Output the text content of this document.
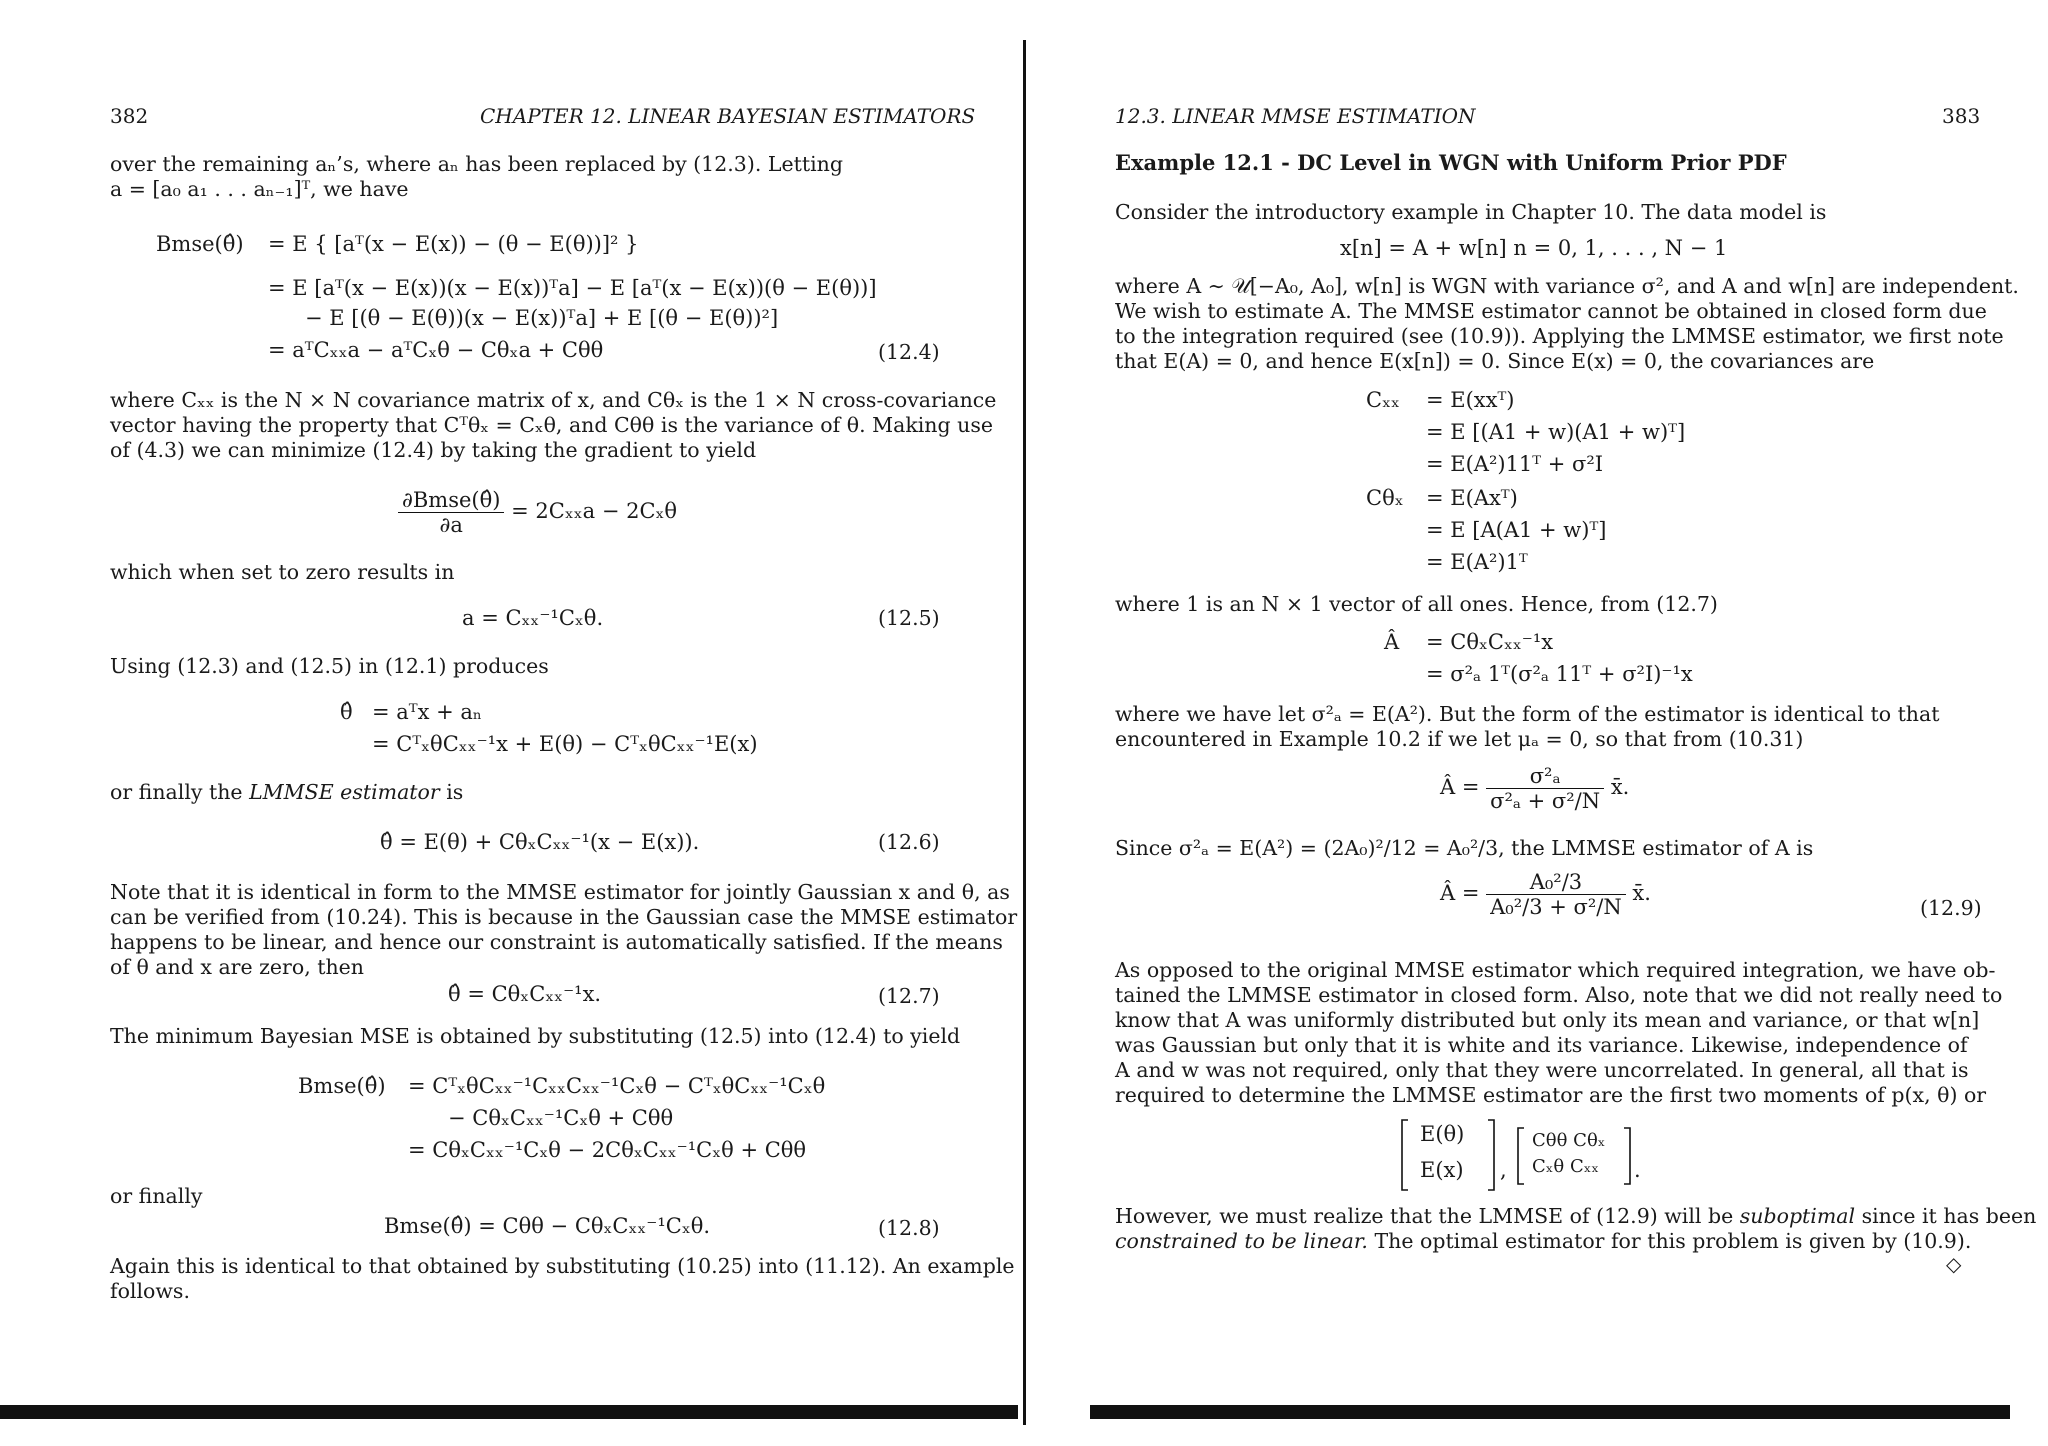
382	CHAPTER 12. LINEAR BAYESIAN ESTIMATORS
over the remaining aₙ’s, where aₙ has been replaced by (12.3). Letting
a = [a₀ a₁ . . . aₙ₋₁]ᵀ, we have
Bmse(θ̂) = E { [aᵀ(x − E(x)) − (θ − E(θ))]² }
= E [aᵀ(x − E(x))(x − E(x))ᵀa] − E [aᵀ(x − E(x))(θ − E(θ))]
− E [(θ − E(θ))(x − E(x))ᵀa] + E [(θ − E(θ))²]
= aᵀCₓₓa − aᵀCₓθ − Cθₓa + Cθθ	(12.4)
where Cₓₓ is the N × N covariance matrix of x, and Cθₓ is the 1 × N cross-covariance
vector having the property that Cᵀθₓ = Cₓθ, and Cθθ is the variance of θ. Making use
of (4.3) we can minimize (12.4) by taking the gradient to yield
$\frac{\text{∂Bmse(θ̂)}}{\partial a} = 2C_{xx}a - 2C_x\theta$
which when set to zero results in
a = Cₓₓ⁻¹Cₓθ.	(12.5)
Using (12.3) and (12.5) in (12.1) produces
θ̂ = aᵀx + aₙ
= CᵀₓθCₓₓ⁻¹x + E(θ) − CᵀₓθCₓₓ⁻¹E(x)
or finally the LMMSE estimator is
θ̂ = E(θ) + CθₓCₓₓ⁻¹(x − E(x)).	(12.6)
Note that it is identical in form to the MMSE estimator for jointly Gaussian x and θ, as
can be verified from (10.24). This is because in the Gaussian case the MMSE estimator
happens to be linear, and hence our constraint is automatically satisfied. If the means
of θ and x are zero, then
θ̂ = CθₓCₓₓ⁻¹x.	(12.7)
The minimum Bayesian MSE is obtained by substituting (12.5) into (12.4) to yield
Bmse(θ̂) = CᵀₓθCₓₓ⁻¹CₓₓCₓₓ⁻¹Cₓθ − CᵀₓθCₓₓ⁻¹Cₓθ
− CθₓCₓₓ⁻¹Cₓθ + Cθθ
= CθₓCₓₓ⁻¹Cₓθ − 2CθₓCₓₓ⁻¹Cₓθ + Cθθ
or finally
Bmse(θ̂) = Cθθ − CθₓCₓₓ⁻¹Cₓθ.	(12.8)
Again this is identical to that obtained by substituting (10.25) into (11.12). An example
follows.
12.3. LINEAR MMSE ESTIMATION	383
Example 12.1 - DC Level in WGN with Uniform Prior PDF
Consider the introductory example in Chapter 10. The data model is
x[n] = A + w[n] n = 0, 1, . . . , N − 1
where A ∼ 𝒰[−A₀, A₀], w[n] is WGN with variance σ², and A and w[n] are independent.
We wish to estimate A. The MMSE estimator cannot be obtained in closed form due
to the integration required (see (10.9)). Applying the LMMSE estimator, we first note
that E(A) = 0, and hence E(x[n]) = 0. Since E(x) = 0, the covariances are
Cₓₓ = E(xxᵀ)
= E [(A1 + w)(A1 + w)ᵀ]
= E(A²)11ᵀ + σ²I
Cθₓ = E(Axᵀ)
= E [A(A1 + w)ᵀ]
= E(A²)1ᵀ
where 1 is an N × 1 vector of all ones. Hence, from (12.7)
Â = CθₓCₓₓ⁻¹x
= σ²ₐ 1ᵀ(σ²ₐ 11ᵀ + σ²I)⁻¹x
where we have let σ²ₐ = E(A²). But the form of the estimator is identical to that
encountered in Example 10.2 if we let μₐ = 0, so that from (10.31)
Â = $\frac{\text{σ²ₐ}}{\text{σ²ₐ + σ²/N}}$ x̄.
Since σ²ₐ = E(A²) = (2A₀)²/12 = A₀²/3, the LMMSE estimator of A is
Â = $\frac{\text{A₀²/3}}{\text{A₀²/3 + σ²/N}}$ x̄.
(12.9)
As opposed to the original MMSE estimator which required integration, we have ob-
tained the LMMSE estimator in closed form. Also, note that we did not really need to
know that A was uniformly distributed but only its mean and variance, or that w[n]
was Gaussian but only that it is white and its variance. Likewise, independence of
A and w was not required, only that they were uncorrelated. In general, all that is
required to determine the LMMSE estimator are the first two moments of p(x, θ) or
E(θ)
E(x) ,
Cθθ Cθₓ
Cₓθ Cₓₓ .
However, we must realize that the LMMSE of (12.9) will be suboptimal since it has been
constrained to be linear. The optimal estimator for this problem is given by (10.9).
◇
